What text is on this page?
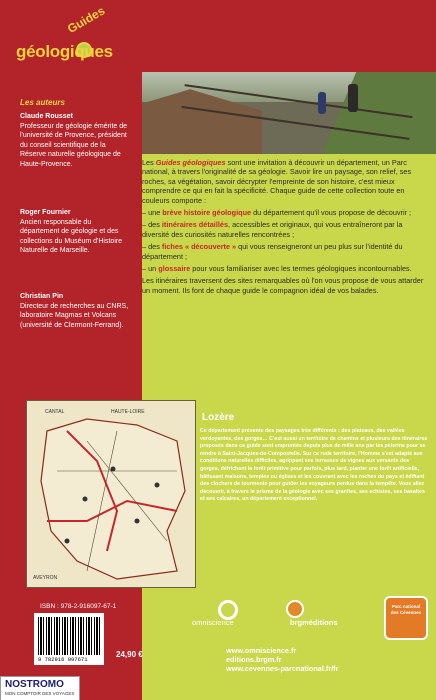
Guides
géologiques
Les auteurs
Claude Rousset
Professeur de géologie émérite de l'université de Provence, président du conseil scientifique de la Réserve naturelle géologique de Haute-Provence.
Roger Fournier
Ancien responsable du département de géologie et des collections du Muséum d'Histoire Naturelle de Marseille.
Christian Pin
Directeur de recherches au CNRS, laboratoire Magmas et Volcans (université de Clermont-Ferrand).

Les Guides géologiques sont une invitation à découvrir un département, un Parc national, à travers l'originalité de sa géologie. Savoir lire un paysage, son relief, ses roches, sa végétation, savoir décrypter l'empreinte de son histoire, c'est mieux comprendre ce qui en fait la spécificité. Chaque guide de cette collection toute en couleurs comporte :

– une brève histoire géologique du département qu'il vous propose de découvrir ;

– des itinéraires détaillés, accessibles et originaux, qui vous entraîneront par la diversité des curiosités naturelles rencontrées ;

– des fiches « découverte » qui vous renseigneront un peu plus sur l'identité du département ;

– un glossaire pour vous familiariser avec les termes géologiques incontournables.

Les itinéraires traversent des sites remarquables où l'on vous propose de vous attarder un moment. Ils font de chaque guide le compagnon idéal de vos balades.

CANTAL	HAUTE-LOIRE
AVEYRON
Lozère
Ce département présente des paysages très différents : des plateaux, des vallées verdoyantes, des gorges… C'est aussi un territoire de chemins et plusieurs des itinéraires proposés dans ce guide sont empruntés depuis plus de mille ans par les pèlerins pour se rendre à Saint-Jacques-de-Compostelle. Sur ce rude territoire, l'Homme s'est adapté aux conditions naturelles difficiles, agrippant ses terrasses de vignes aux versants des gorges, défrichant la forêt primitive pour parfois, plus tard, planter une forêt artificielle, bâtissant maisons, temples ou églises et les couvrant avec les roches du pays et édifiant des clochers de tourmente pour guider les voyageurs perdus dans la tempête. Vous allez découvrir, à travers le prisme de la géologie avec ses granites, ses schistes, ses basaltes et ses calcaires, un département exceptionnel.
ISBN : 978-2-916097-67-1
9 782916 097671
24,90 €
omniscience	brgméditions
Parc national
des Cévennes
www.omniscience.fr
editions.brgm.fr
www.cevennes-parcnational.fr/fr
NOSTROMO
MON COMPTOIR DES VOYAGES
